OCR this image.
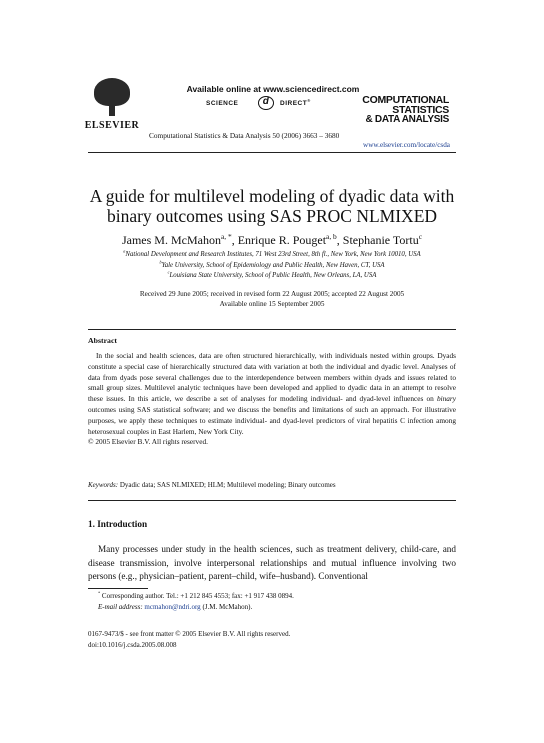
ELSEVIER
Available online at www.sciencedirect.com
SCIENCE	d	DIRECT®
Computational Statistics & Data Analysis 50 (2006) 3663 – 3680
COMPUTATIONAL
STATISTICS
& DATA ANALYSIS
www.elsevier.com/locate/csda
A guide for multilevel modeling of dyadic data with
binary outcomes using SAS PROC NLMIXED
James M. McMahon$^{a, *}$, Enrique R. Pouget$^{a, b}$, Stephanie Tortu$^c$
$^a$National Development and Research Institutes, 71 West 23rd Street, 8th fl., New York, New York 10010, USA
$^b$Yale University, School of Epidemiology and Public Health, New Haven, CT, USA
$^c$Louisiana State University, School of Public Health, New Orleans, LA, USA
Received 29 June 2005; received in revised form 22 August 2005; accepted 22 August 2005
Available online 15 September 2005
Abstract

In the social and health sciences, data are often structured hierarchically, with individuals nested within groups. Dyads constitute a special case of hierarchically structured data with variation at both the individual and dyadic level. Analyses of data from dyads pose several challenges due to the interdependence between members within dyads and issues related to small group sizes. Multilevel analytic techniques have been developed and applied to dyadic data in an attempt to resolve these issues. In this article, we describe a set of analyses for modeling individual- and dyad-level influences on binary outcomes using SAS statistical software; and we discuss the benefits and limitations of such an approach. For illustrative purposes, we apply these techniques to estimate individual- and dyad-level predictors of viral hepatitis C infection among heterosexual couples in East Harlem, New York City.

© 2005 Elsevier B.V. All rights reserved.

Keywords: Dyadic data; SAS NLMIXED; HLM; Multilevel modeling; Binary outcomes
1. Introduction

Many processes under study in the health sciences, such as treatment delivery, child-care, and disease transmission, involve interpersonal relationships and mutual influence involving two persons (e.g., physician–patient, parent–child, wife–husband). Conventional

* Corresponding author. Tel.: +1 212 845 4553; fax: +1 917 438 0894.
E-mail address: mcmahon@ndri.org (J.M. McMahon).
0167-9473/$ - see front matter © 2005 Elsevier B.V. All rights reserved.
doi:10.1016/j.csda.2005.08.008
